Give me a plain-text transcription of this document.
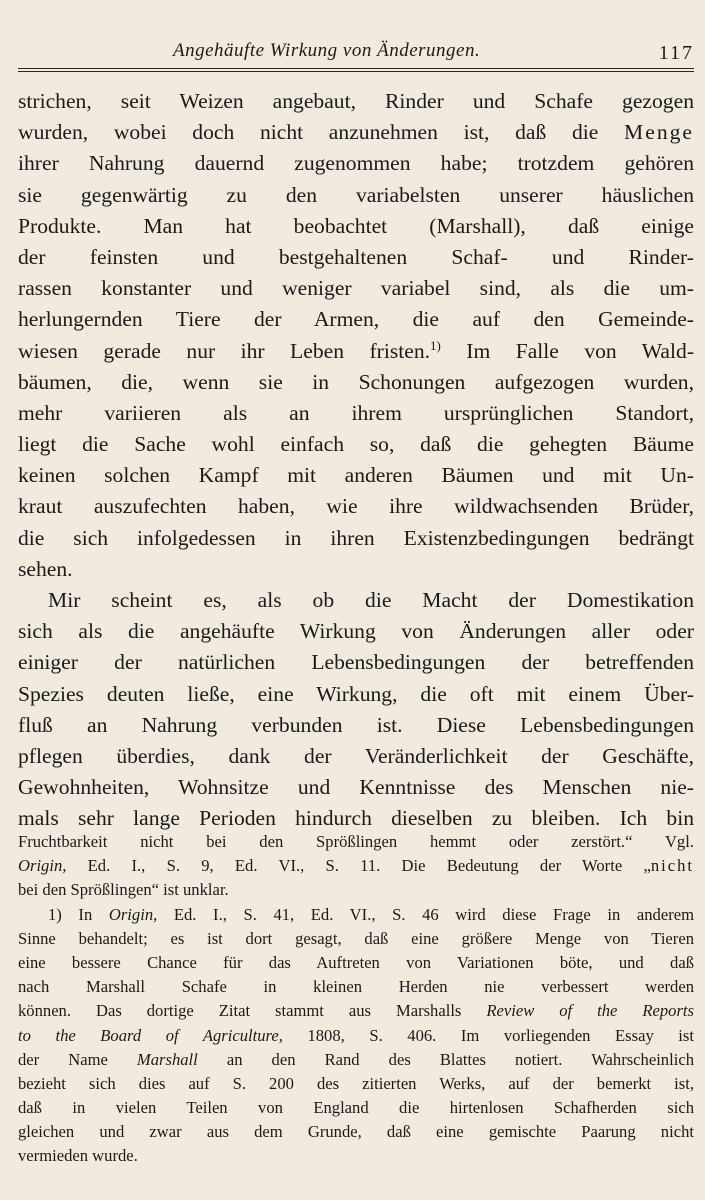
Angehäufte Wirkung von Änderungen.	117
strichen, seit Weizen angebaut, Rinder und Schafe gezogen
wurden, wobei doch nicht anzunehmen ist, daß die Menge
ihrer Nahrung dauernd zugenommen habe; trotzdem gehören
sie gegenwärtig zu den variabelsten unserer häuslichen
Produkte. Man hat beobachtet (Marshall), daß einige
der feinsten und bestgehaltenen Schaf- und Rinder-
rassen konstanter und weniger variabel sind, als die um-
herlungernden Tiere der Armen, die auf den Gemeinde-
wiesen gerade nur ihr Leben fristen.$^{1)}$ Im Falle von Wald-
bäumen, die, wenn sie in Schonungen aufgezogen wurden,
mehr variieren als an ihrem ursprünglichen Standort,
liegt die Sache wohl einfach so, daß die gehegten Bäume
keinen solchen Kampf mit anderen Bäumen und mit Un-
kraut auszufechten haben, wie ihre wildwachsenden Brüder,
die sich infolgedessen in ihren Existenzbedingungen bedrängt
sehen.
Mir scheint es, als ob die Macht der Domestikation
sich als die angehäufte Wirkung von Änderungen aller oder
einiger der natürlichen Lebensbedingungen der betreffenden
Spezies deuten ließe, eine Wirkung, die oft mit einem Über-
fluß an Nahrung verbunden ist. Diese Lebensbedingungen
pflegen überdies, dank der Veränderlichkeit der Geschäfte,
Gewohnheiten, Wohnsitze und Kenntnisse des Menschen nie-
mals sehr lange Perioden hindurch dieselben zu bleiben. Ich bin
Fruchtbarkeit nicht bei den Sprößlingen hemmt oder zerstört.“ Vgl.
Origin, Ed. I., S. 9, Ed. VI., S. 11. Die Bedeutung der Worte „nicht
bei den Sprößlingen“ ist unklar.
1) In Origin, Ed. I., S. 41, Ed. VI., S. 46 wird diese Frage in anderem
Sinne behandelt; es ist dort gesagt, daß eine größere Menge von Tieren
eine bessere Chance für das Auftreten von Variationen böte, und daß
nach Marshall Schafe in kleinen Herden nie verbessert werden
können. Das dortige Zitat stammt aus Marshalls Review of the Reports
to the Board of Agriculture, 1808, S. 406. Im vorliegenden Essay ist
der Name Marshall an den Rand des Blattes notiert. Wahrscheinlich
bezieht sich dies auf S. 200 des zitierten Werks, auf der bemerkt ist,
daß in vielen Teilen von England die hirtenlosen Schafherden sich
gleichen und zwar aus dem Grunde, daß eine gemischte Paarung nicht
vermieden wurde.
